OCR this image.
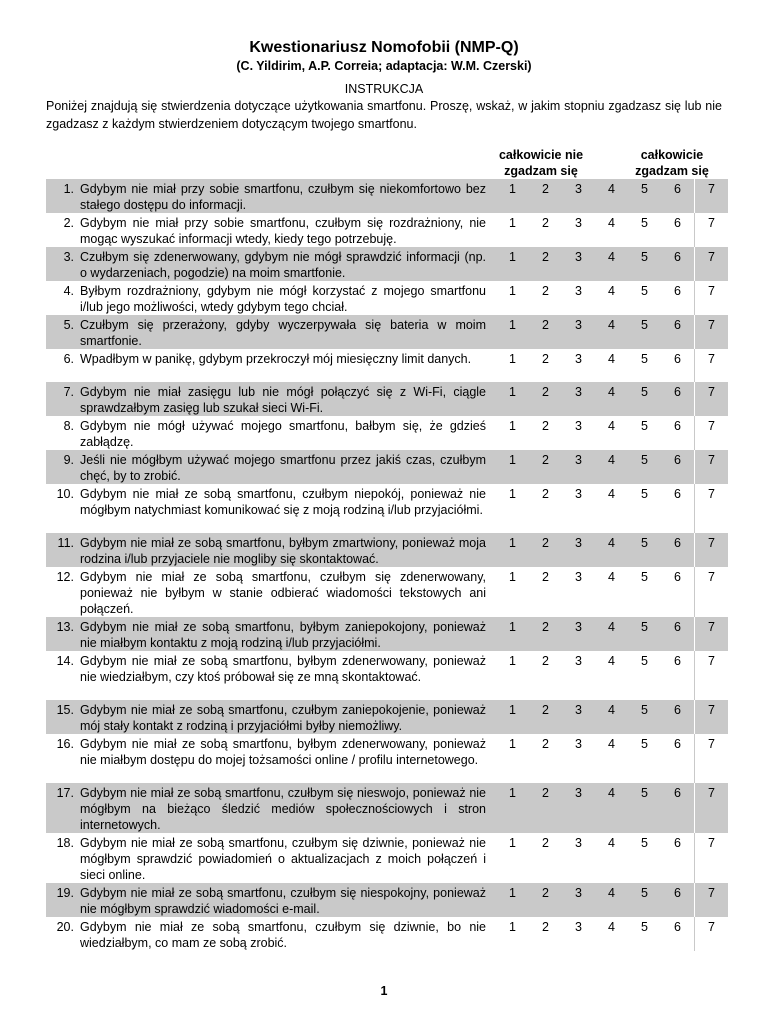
Kwestionariusz Nomofobii (NMP-Q)
(C. Yildirim, A.P. Correia; adaptacja: W.M. Czerski)
INSTRUKCJA
Poniżej znajdują się stwierdzenia dotyczące użytkowania smartfonu. Proszę, wskaż, w jakim stopniu zgadzasz się lub nie zgadzasz z każdym stwierdzeniem dotyczącym twojego smartfonu.
całkowicie nie zgadzam się
całkowicie zgadzam się
1.	Gdybym nie miał przy sobie smartfonu, czułbym się niekomfortowo bez stałego dostępu do informacji.	1	2	3	4	5	6	7
2.	Gdybym nie miał przy sobie smartfonu, czułbym się rozdrażniony, nie mogąc wyszukać informacji wtedy, kiedy tego potrzebuję.	1	2	3	4	5	6	7
3.	Czułbym się zdenerwowany, gdybym nie mógł sprawdzić informacji (np. o wydarzeniach, pogodzie) na moim smartfonie.	1	2	3	4	5	6	7
4.	Byłbym rozdrażniony, gdybym nie mógł korzystać z mojego smartfonu i/lub jego możliwości, wtedy gdybym tego chciał.	1	2	3	4	5	6	7
5.	Czułbym się przerażony, gdyby wyczerpywała się bateria w moim smartfonie.	1	2	3	4	5	6	7
6.	Wpadłbym w panikę, gdybym przekroczył mój miesięczny limit danych.	1	2	3	4	5	6	7
7.	Gdybym nie miał zasięgu lub nie mógł połączyć się z Wi-Fi, ciągle sprawdzałbym zasięg lub szukał sieci Wi-Fi.	1	2	3	4	5	6	7
8.	Gdybym nie mógł używać mojego smartfonu, bałbym się, że gdzieś zabłądzę.	1	2	3	4	5	6	7
9.	Jeśli nie mógłbym używać mojego smartfonu przez jakiś czas, czułbym chęć, by to zrobić.	1	2	3	4	5	6	7
10.	Gdybym nie miał ze sobą smartfonu, czułbym niepokój, ponieważ nie mógłbym natychmiast komunikować się z moją rodziną i/lub przyjaciółmi.	1	2	3	4	5	6	7
11.	Gdybym nie miał ze sobą smartfonu, byłbym zmartwiony, ponieważ moja rodzina i/lub przyjaciele nie mogliby się skontaktować.	1	2	3	4	5	6	7
12.	Gdybym nie miał ze sobą smartfonu, czułbym się zdenerwowany, ponieważ nie byłbym w stanie odbierać wiadomości tekstowych ani połączeń.	1	2	3	4	5	6	7
13.	Gdybym nie miał ze sobą smartfonu, byłbym zaniepokojony, ponieważ nie miałbym kontaktu z moją rodziną i/lub przyjaciółmi.	1	2	3	4	5	6	7
14.	Gdybym nie miał ze sobą smartfonu, byłbym zdenerwowany, ponieważ nie wiedziałbym, czy ktoś próbował się ze mną skontaktować.	1	2	3	4	5	6	7
15.	Gdybym nie miał ze sobą smartfonu, czułbym zaniepokojenie, ponieważ mój stały kontakt z rodziną i przyjaciółmi byłby niemożliwy.	1	2	3	4	5	6	7
16.	Gdybym nie miał ze sobą smartfonu, byłbym zdenerwowany, ponieważ nie miałbym dostępu do mojej tożsamości online / profilu internetowego.	1	2	3	4	5	6	7
17.	Gdybym nie miał ze sobą smartfonu, czułbym się nieswojo, ponieważ nie mógłbym na bieżąco śledzić mediów społecznościowych i stron internetowych.	1	2	3	4	5	6	7
18.	Gdybym nie miał ze sobą smartfonu, czułbym się dziwnie, ponieważ nie mógłbym sprawdzić powiadomień o aktualizacjach z moich połączeń i sieci online.	1	2	3	4	5	6	7
19.	Gdybym nie miał ze sobą smartfonu, czułbym się niespokojny, ponieważ nie mógłbym sprawdzić wiadomości e-mail.	1	2	3	4	5	6	7
20.	Gdybym nie miał ze sobą smartfonu, czułbym się dziwnie, bo nie wiedziałbym, co mam ze sobą zrobić.	1	2	3	4	5	6	7
1
